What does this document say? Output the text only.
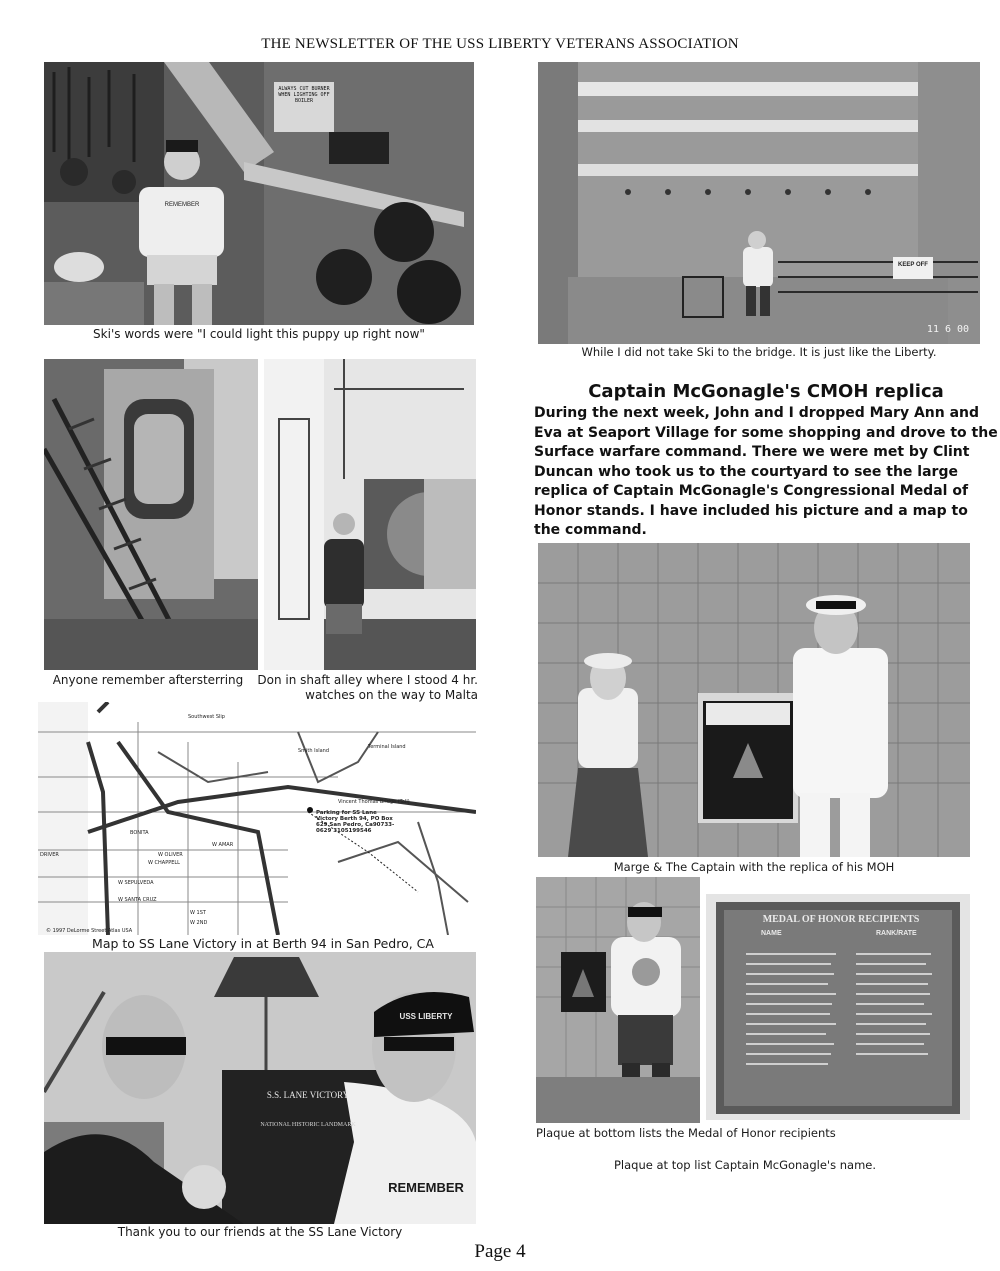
THE NEWSLETTER OF THE USS LIBERTY VETERANS ASSOCIATION
ALWAYS CUT BURNER WHEN LIGHTING OFF BOILER
REMEMBER
Ski's words were "I could light this puppy up right now"
KEEP OFF
11 6 00
While I did not take Ski to the bridge. It is just like the Liberty.
Anyone remember aftersterring	Don in shaft alley where I stood 4 hr. watches on the way to Malta
Parking for SS Lane Victory Berth 94, PO Box 629 San Pedro, Ca90733-0629 3105199546
Vincent Thomas Bridge (Toll)
Smith Island
Terminal Island
Southwest Slip
W OLIVER
W CHAPPELL
W SEPULVEDA
W SANTA CRUZ
W 1ST
W 2ND
W AMAR
BONITA
DRIVER
© 1997 DeLorme Street Atlas USA
Map to SS Lane Victory in at Berth 94 in San Pedro, CA
S.S. LANE VICTORY
NATIONAL HISTORIC LANDMARK
USS LIBERTY
REMEMBER
Thank you to our friends at the SS Lane Victory
Captain McGonagle's CMOH replica
During the next week, John and I dropped Mary Ann and Eva at Seaport Village for some shopping and drove to the Surface warfare command. There we were met by Clint Duncan who took us to the courtyard to see the large replica of Captain McGonagle's Congressional Medal of Honor stands. I have included his picture and a map to the command.
Marge & The Captain with the replica of his MOH
MEDAL OF HONOR RECIPIENTS
NAME	RANK/RATE
Plaque at bottom lists the Medal of Honor recipients
Plaque at top list Captain McGonagle's name.
Page 4
